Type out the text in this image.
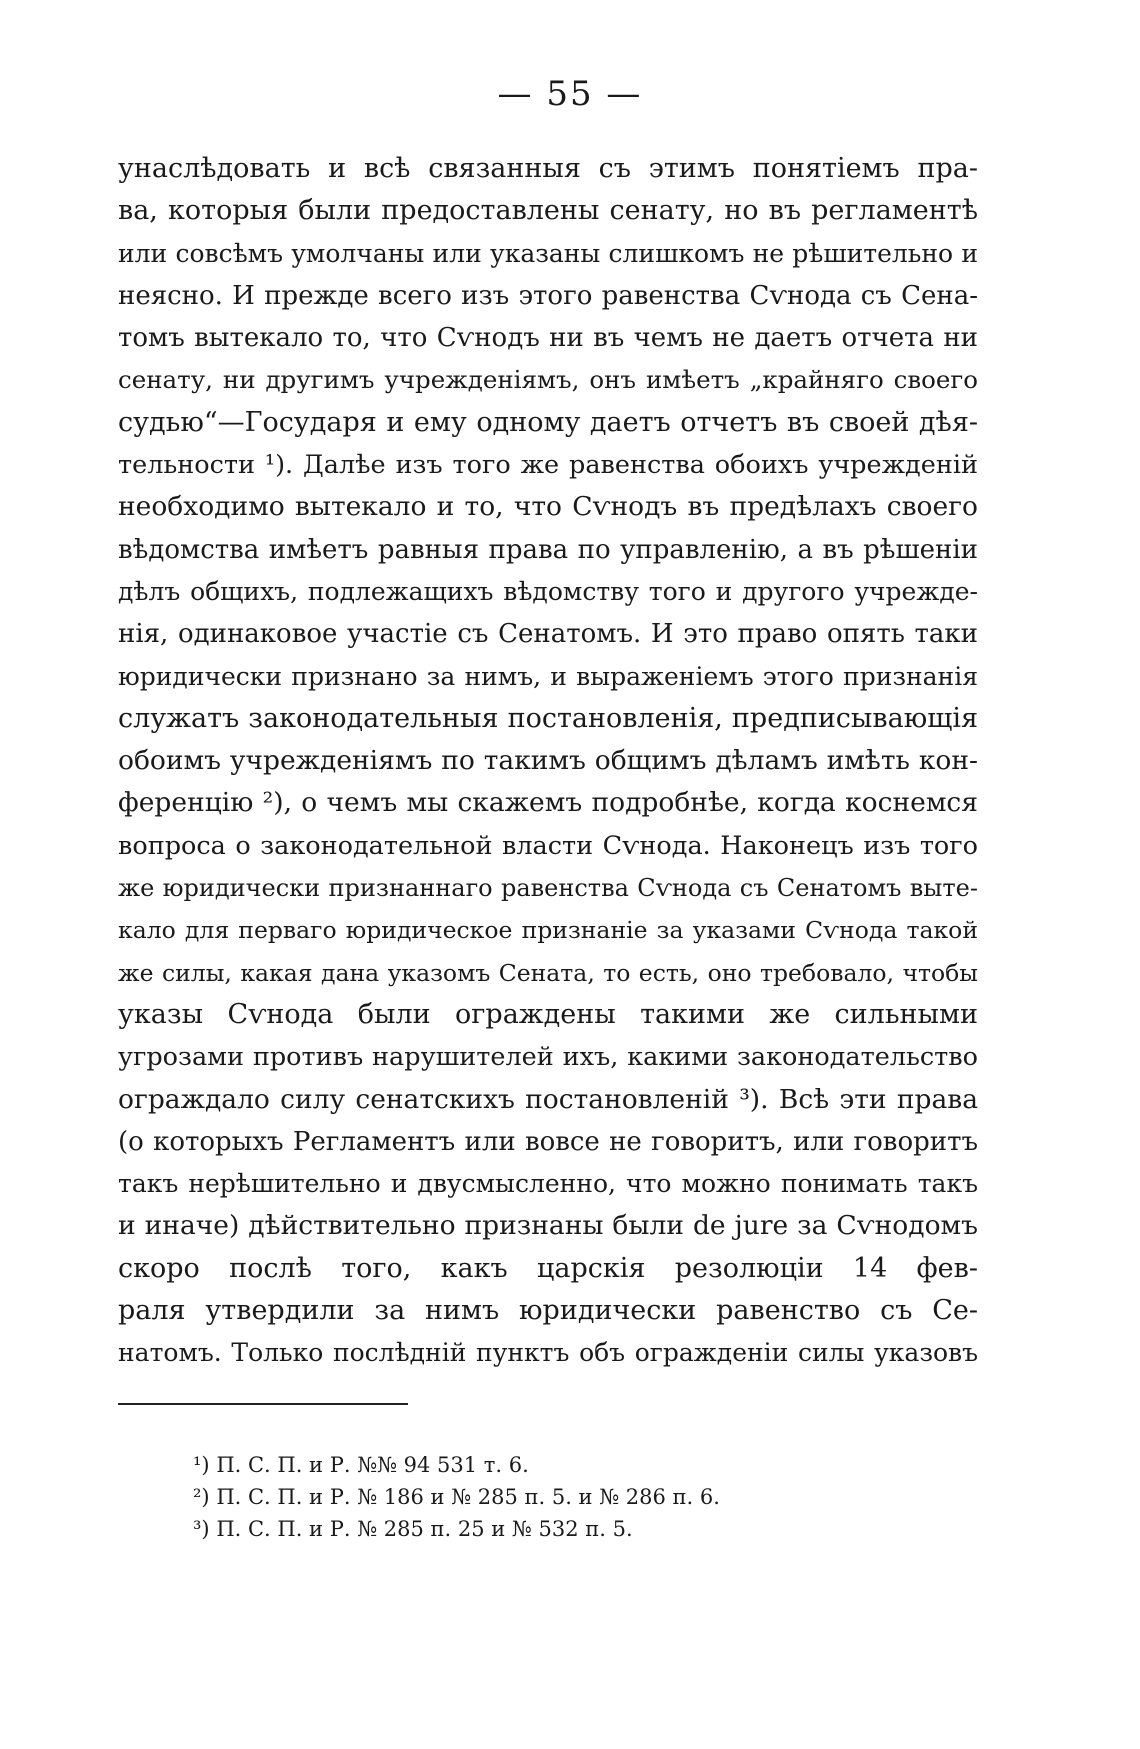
— 55 —
унаслѣдовать и всѣ связанныя съ этимъ понятіемъ пра-
ва, которыя были предоставлены сенату, но въ регламентѣ
или совсѣмъ умолчаны или указаны слишкомъ не рѣшительно и
неясно. И прежде всего изъ этого равенства Сѵнода съ Сена-
томъ вытекало то, что Сѵнодъ ни въ чемъ не даетъ отчета ни
сенату, ни другимъ учрежденіямъ, онъ имѣетъ „крайняго своего
судью“—Государя и ему одному даетъ отчетъ въ своей дѣя-
тельности ¹). Далѣе изъ того же равенства обоихъ учрежденій
необходимо вытекало и то, что Сѵнодъ въ предѣлахъ своего
вѣдомства имѣетъ равныя права по управленію, а въ рѣшеніи
дѣлъ общихъ, подлежащихъ вѣдомству того и другого учрежде-
нія, одинаковое участіе съ Сенатомъ. И это право опять таки
юридически признано за нимъ, и выраженіемъ этого признанія
служатъ законодательныя постановленія, предписывающія
обоимъ учрежденіямъ по такимъ общимъ дѣламъ имѣть кон-
ференцію ²), о чемъ мы скажемъ подробнѣе, когда коснемся
вопроса о законодательной власти Сѵнода. Наконецъ изъ того
же юридически признаннаго равенства Сѵнода съ Сенатомъ выте-
кало для перваго юридическое признаніе за указами Сѵнода такой
же силы, какая дана указомъ Сената, то есть, оно требовало, чтобы
указы Сѵнода были ограждены такими же сильными
угрозами противъ нарушителей ихъ, какими законодательство
ограждало силу сенатскихъ постановленій ³). Всѣ эти права
(о которыхъ Регламентъ или вовсе не говоритъ, или говоритъ
такъ нерѣшительно и двусмысленно, что можно понимать такъ
и иначе) дѣйствительно признаны были de jure за Сѵнодомъ
скоро послѣ того, какъ царскія резолюціи 14 фев-
раля утвердили за нимъ юридически равенство съ Се-
натомъ. Только послѣдній пунктъ объ огражденіи силы указовъ
¹) П. С. П. и Р. №№ 94 531 т. 6.
²) П. С. П. и Р. № 186 и № 285 п. 5. и № 286 п. 6.
³) П. С. П. и Р. № 285 п. 25 и № 532 п. 5.
